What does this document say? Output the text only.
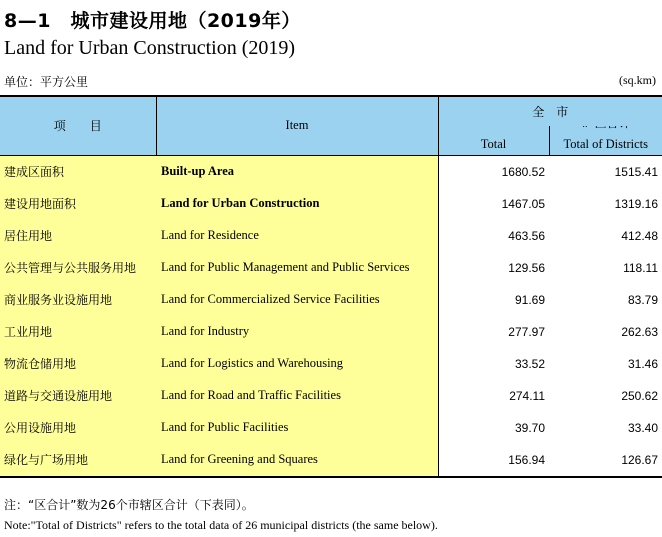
8—1　城市建设用地（2019年）
Land for Urban Construction (2019)
单位：平方公里	(sq.km)
项　　目	Item	全　市	
		Total	Total of Districts

建成区面积	Built-up Area	1680.52	1515.41
建设用地面积	Land for Urban Construction	1467.05	1319.16
居住用地	Land for Residence	463.56	412.48
公共管理与公共服务用地	Land for Public Management and Public Services	129.56	118.11
商业服务业设施用地	Land for Commercialized Service Facilities	91.69	83.79
工业用地	Land for Industry	277.97	262.63
物流仓储用地	Land for Logistics and Warehousing	33.52	31.46
道路与交通设施用地	Land for Road and Traffic Facilities	274.11	250.62
公用设施用地	Land for Public Facilities	39.70	33.40
绿化与广场用地	Land for Greening and Squares	156.94	126.67
注：“区合计”数为26个市辖区合计（下表同）。
Note:"Total of Districts" refers to the total data of 26 municipal districts (the same below).
